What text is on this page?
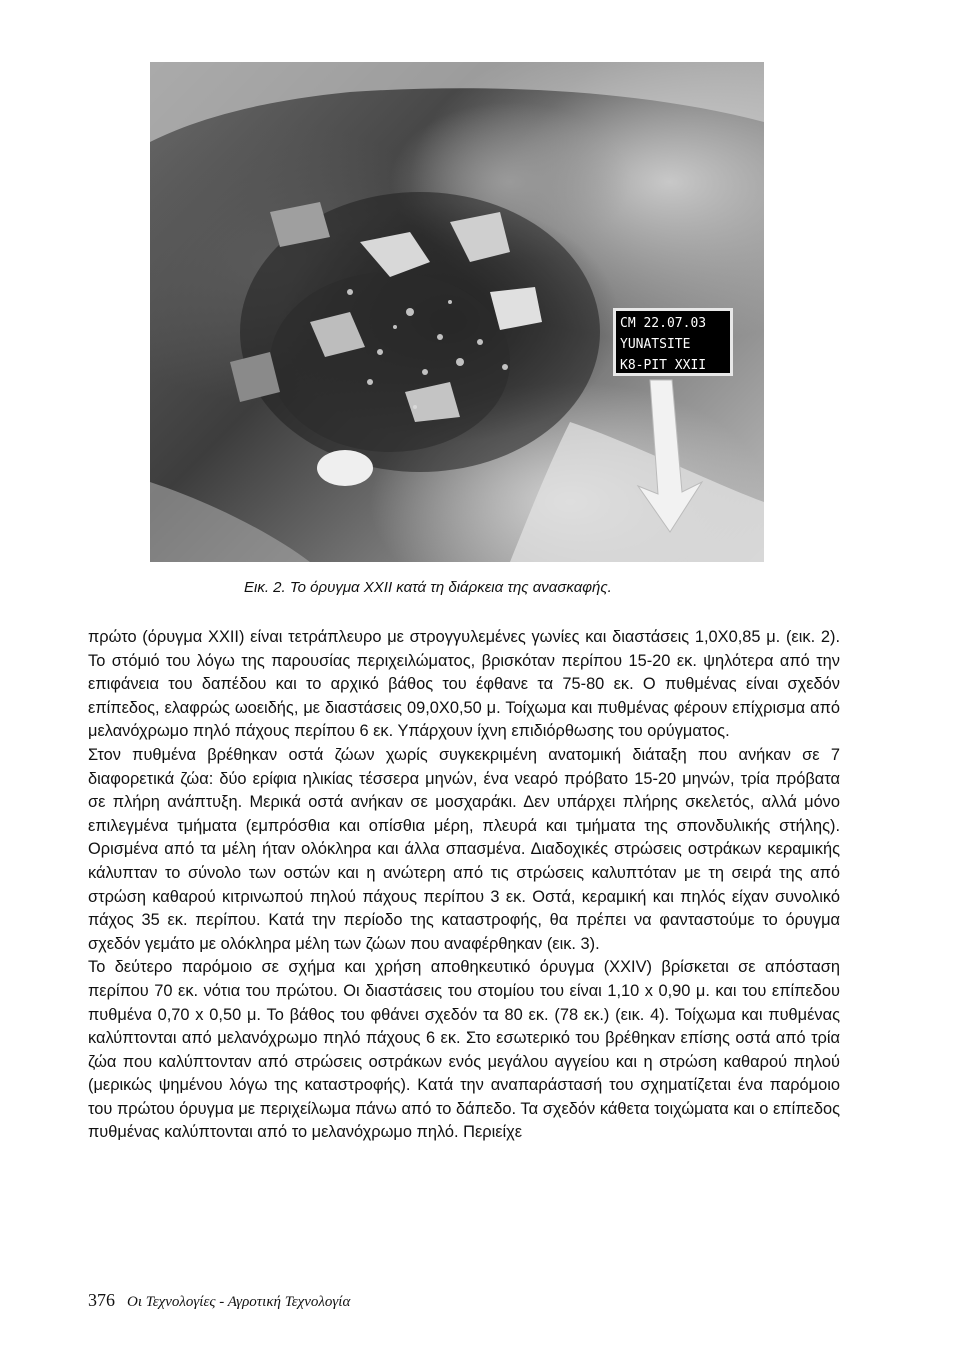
CM 22.07.03
YUNATSITE
K8-PIT XXII
Εικ. 2. Το όρυγμα XXII κατά τη διάρκεια της ανασκαφής.

πρώτο (όρυγμα XXII) είναι τετράπλευρο με στρογγυλεμένες γωνίες και διαστάσεις 1,0Χ0,85 μ. (εικ. 2). Το στόμιό του λόγω της παρουσίας περιχειλώματος, βρισκόταν περίπου 15-20 εκ. ψηλότερα από την επιφάνεια του δαπέδου και το αρχικό βάθος του έφθανε τα 75-80 εκ. Ο πυθμένας είναι σχεδόν επίπεδος, ελαφρώς ωοειδής, με διαστάσεις 09,0Χ0,50 μ. Τοίχωμα και πυθμένας φέρουν επίχρισμα από μελανόχρωμο πηλό πάχους περίπου 6 εκ. Υπάρχουν ίχνη επιδιόρθωσης του ορύγματος.

Στον πυθμένα βρέθηκαν οστά ζώων χωρίς συγκεκριμένη ανατομική διάταξη που ανήκαν σε 7 διαφορετικά ζώα: δύο ερίφια ηλικίας τέσσερα μηνών, ένα νεαρό πρόβατο 15-20 μηνών, τρία πρόβατα σε πλήρη ανάπτυξη. Μερικά οστά ανήκαν σε μοσχαράκι. Δεν υπάρχει πλήρης σκελετός, αλλά μόνο επιλεγμένα τμήματα (εμπρόσθια και οπίσθια μέρη, πλευρά και τμήματα της σπονδυλικής στήλης). Ορισμένα από τα μέλη ήταν ολόκληρα και άλλα σπασμένα. Διαδοχικές στρώσεις οστράκων κεραμικής κάλυπταν το σύνολο των οστών και η ανώτερη από τις στρώσεις καλυπτόταν με τη σειρά της από στρώση καθαρού κιτρινωπού πηλού πάχους περίπου 3 εκ. Οστά, κεραμική και πηλός είχαν συνολικό πάχος 35 εκ. περίπου. Κατά την περίοδο της καταστροφής, θα πρέπει να φανταστούμε το όρυγμα σχεδόν γεμάτο με ολόκληρα μέλη των ζώων που αναφέρθηκαν (εικ. 3).

Το δεύτερο παρόμοιο σε σχήμα και χρήση αποθηκευτικό όρυγμα (XXIV) βρίσκεται σε απόσταση περίπου 70 εκ. νότια του πρώτου. Οι διαστάσεις του στομίου του είναι 1,10 x 0,90 μ. και του επίπεδου πυθμένα 0,70 x 0,50 μ. Το βάθος του φθάνει σχεδόν τα 80 εκ. (78 εκ.) (εικ. 4). Τοίχωμα και πυθμένας καλύπτονται από μελανόχρωμο πηλό πάχους 6 εκ. Στο εσωτερικό του βρέθηκαν επίσης οστά από τρία ζώα που καλύπτονταν από στρώσεις οστράκων ενός μεγάλου αγγείου και η στρώση καθαρού πηλού (μερικώς ψημένου λόγω της καταστροφής). Κατά την αναπαράστασή του σχηματίζεται ένα παρόμοιο του πρώτου όρυγμα με περιχείλωμα πάνω από το δάπεδο. Τα σχεδόν κάθετα τοιχώματα και ο επίπεδος πυθμένας καλύπτονται από το μελανόχρωμο πηλό. Περιείχε

376 Οι Τεχνολογίες - Αγροτική Τεχνολογία
